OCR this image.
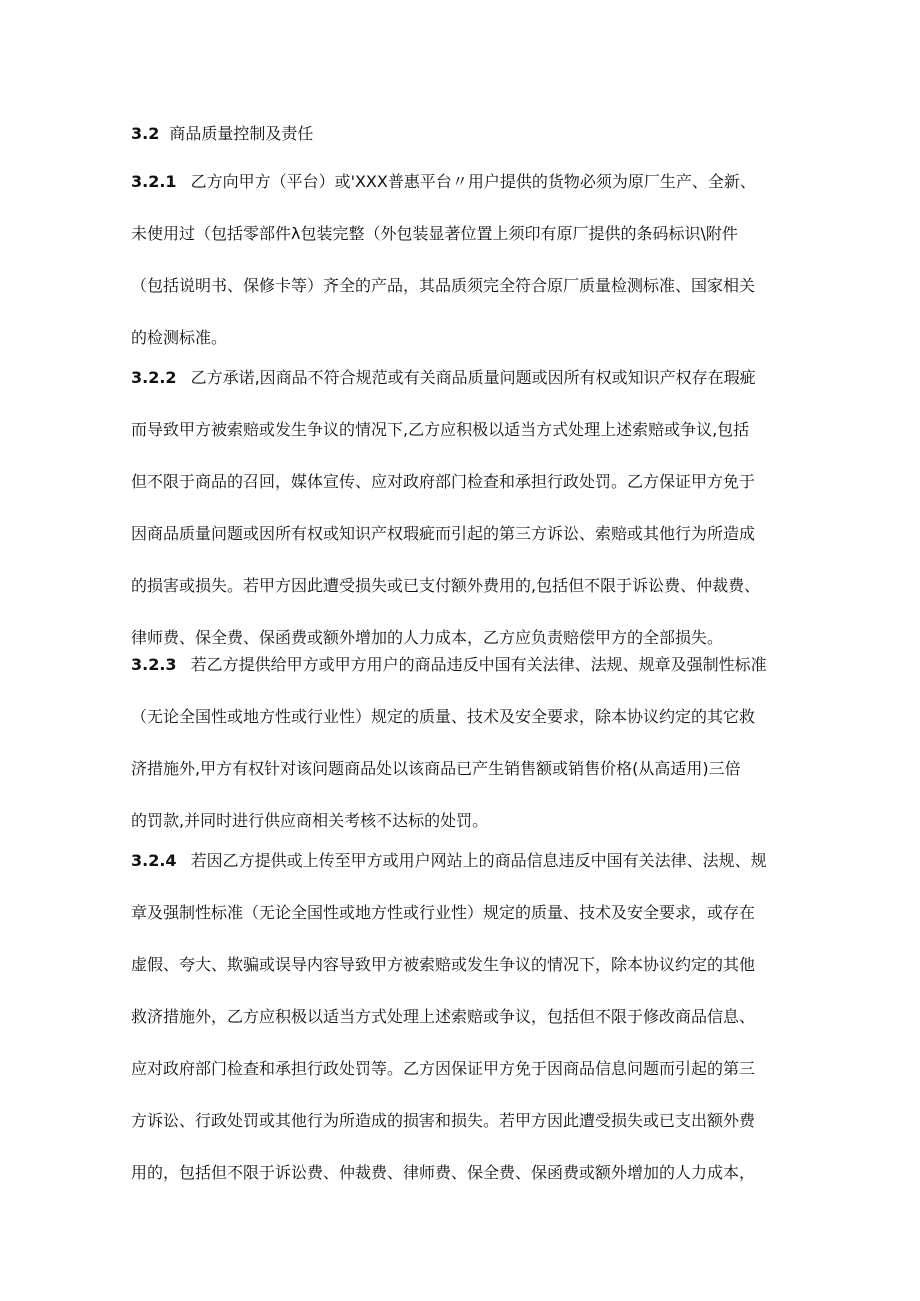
3.2 商品质量控制及责任
3.2.1 乙方向甲方（平台）或'XXX普惠平台〃用户提供的货物必须为原厂生产、全新、
未使用过（包括零部件λ包装完整（外包装显著位置上须印有原厂提供的条码标识\附件
（包括说明书、保修卡等）齐全的产品，其品质须完全符合原厂质量检测标准、国家相关
的检测标准。
3.2.2 乙方承诺,因商品不符合规范或有关商品质量问题或因所有权或知识产权存在瑕疵
而导致甲方被索赔或发生争议的情况下,乙方应积极以适当方式处理上述索赔或争议,包括
但不限于商品的召回，媒体宣传、应对政府部门检查和承担行政处罚。乙方保证甲方免于
因商品质量问题或因所有权或知识产权瑕疵而引起的第三方诉讼、索赔或其他行为所造成
的损害或损失。若甲方因此遭受损失或已支付额外费用的,包括但不限于诉讼费、仲裁费、
律师费、保全费、保函费或额外增加的人力成本，乙方应负责赔偿甲方的全部损失。
3.2.3 若乙方提供给甲方或甲方用户的商品违反中国有关法律、法规、规章及强制性标准
（无论全国性或地方性或行业性）规定的质量、技术及安全要求，除本协议约定的其它救
济措施外,甲方有权针对该问题商品处以该商品已产生销售额或销售价格(从高适用)三倍
的罚款,并同时进行供应商相关考核不达标的处罚。
3.2.4 若因乙方提供或上传至甲方或用户网站上的商品信息违反中国有关法律、法规、规
章及强制性标准（无论全国性或地方性或行业性）规定的质量、技术及安全要求，或存在
虚假、夸大、欺骗或误导内容导致甲方被索赔或发生争议的情况下，除本协议约定的其他
救济措施外，乙方应积极以适当方式处理上述索赔或争议，包括但不限于修改商品信息、
应对政府部门检查和承担行政处罚等。乙方因保证甲方免于因商品信息问题而引起的第三
方诉讼、行政处罚或其他行为所造成的损害和损失。若甲方因此遭受损失或已支出额外费
用的，包括但不限于诉讼费、仲裁费、律师费、保全费、保函费或额外增加的人力成本，
